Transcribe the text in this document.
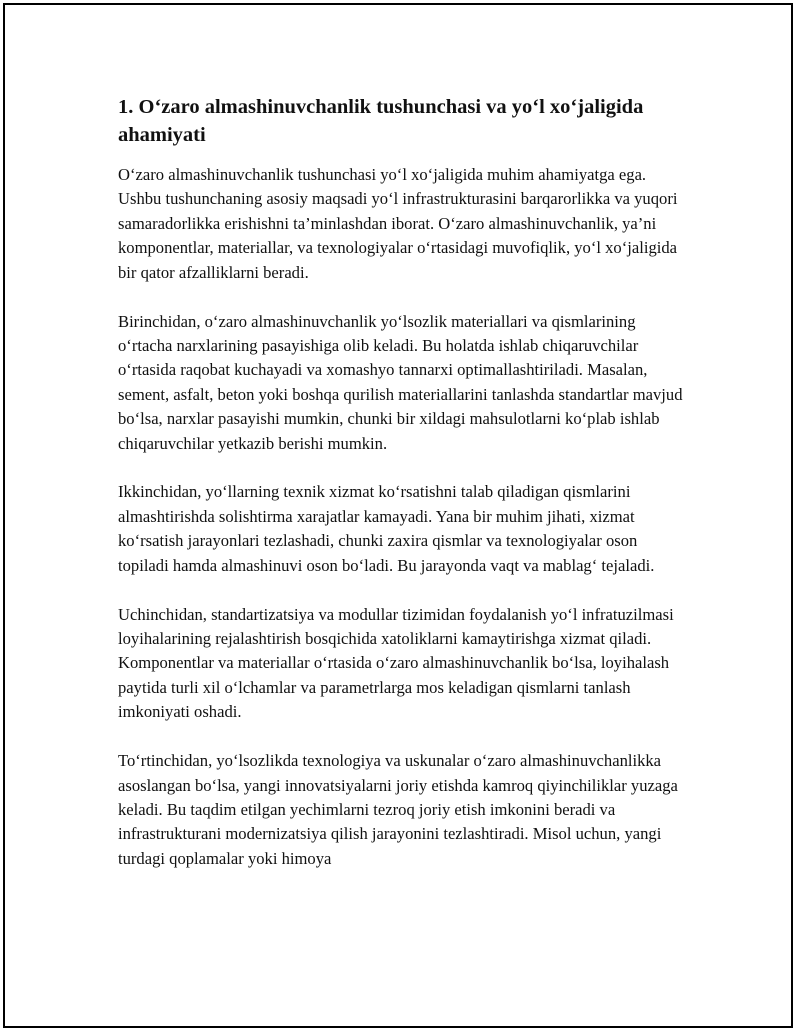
1. O‘zaro almashinuvchanlik tushunchasi va yo‘l xo‘jaligida ahamiyati

O‘zaro almashinuvchanlik tushunchasi yo‘l xo‘jaligida muhim ahamiyatga ega. Ushbu tushunchaning asosiy maqsadi yo‘l infrastrukturasini barqarorlikka va yuqori samaradorlikka erishishni ta’minlashdan iborat. O‘zaro almashinuvchanlik, ya’ni komponentlar, materiallar, va texnologiyalar o‘rtasidagi muvofiqlik, yo‘l xo‘jaligida bir qator afzalliklarni beradi.

Birinchidan, o‘zaro almashinuvchanlik yo‘lsozlik materiallari va qismlarining o‘rtacha narxlarining pasayishiga olib keladi. Bu holatda ishlab chiqaruvchilar o‘rtasida raqobat kuchayadi va xomashyo tannarxi optimallashtiriladi. Masalan, sement, asfalt, beton yoki boshqa qurilish materiallarini tanlashda standartlar mavjud bo‘lsa, narxlar pasayishi mumkin, chunki bir xildagi mahsulotlarni ko‘plab ishlab chiqaruvchilar yetkazib berishi mumkin.

Ikkinchidan, yo‘llarning texnik xizmat ko‘rsatishni talab qiladigan qismlarini almashtirishda solishtirma xarajatlar kamayadi. Yana bir muhim jihati, xizmat ko‘rsatish jarayonlari tezlashadi, chunki zaxira qismlar va texnologiyalar oson topiladi hamda almashinuvi oson bo‘ladi. Bu jarayonda vaqt va mablag‘ tejaladi.

Uchinchidan, standartizatsiya va modullar tizimidan foydalanish yo‘l infratuzilmasi loyihalarining rejalashtirish bosqichida xatoliklarni kamaytirishga xizmat qiladi. Komponentlar va materiallar o‘rtasida o‘zaro almashinuvchanlik bo‘lsa, loyihalash paytida turli xil o‘lchamlar va parametrlarga mos keladigan qismlarni tanlash imkoniyati oshadi.

To‘rtinchidan, yo‘lsozlikda texnologiya va uskunalar o‘zaro almashinuvchanlikka asoslangan bo‘lsa, yangi innovatsiyalarni joriy etishda kamroq qiyinchiliklar yuzaga keladi. Bu taqdim etilgan yechimlarni tezroq joriy etish imkonini beradi va infrastrukturani modernizatsiya qilish jarayonini tezlashtiradi. Misol uchun, yangi turdagi qoplamalar yoki himoya
